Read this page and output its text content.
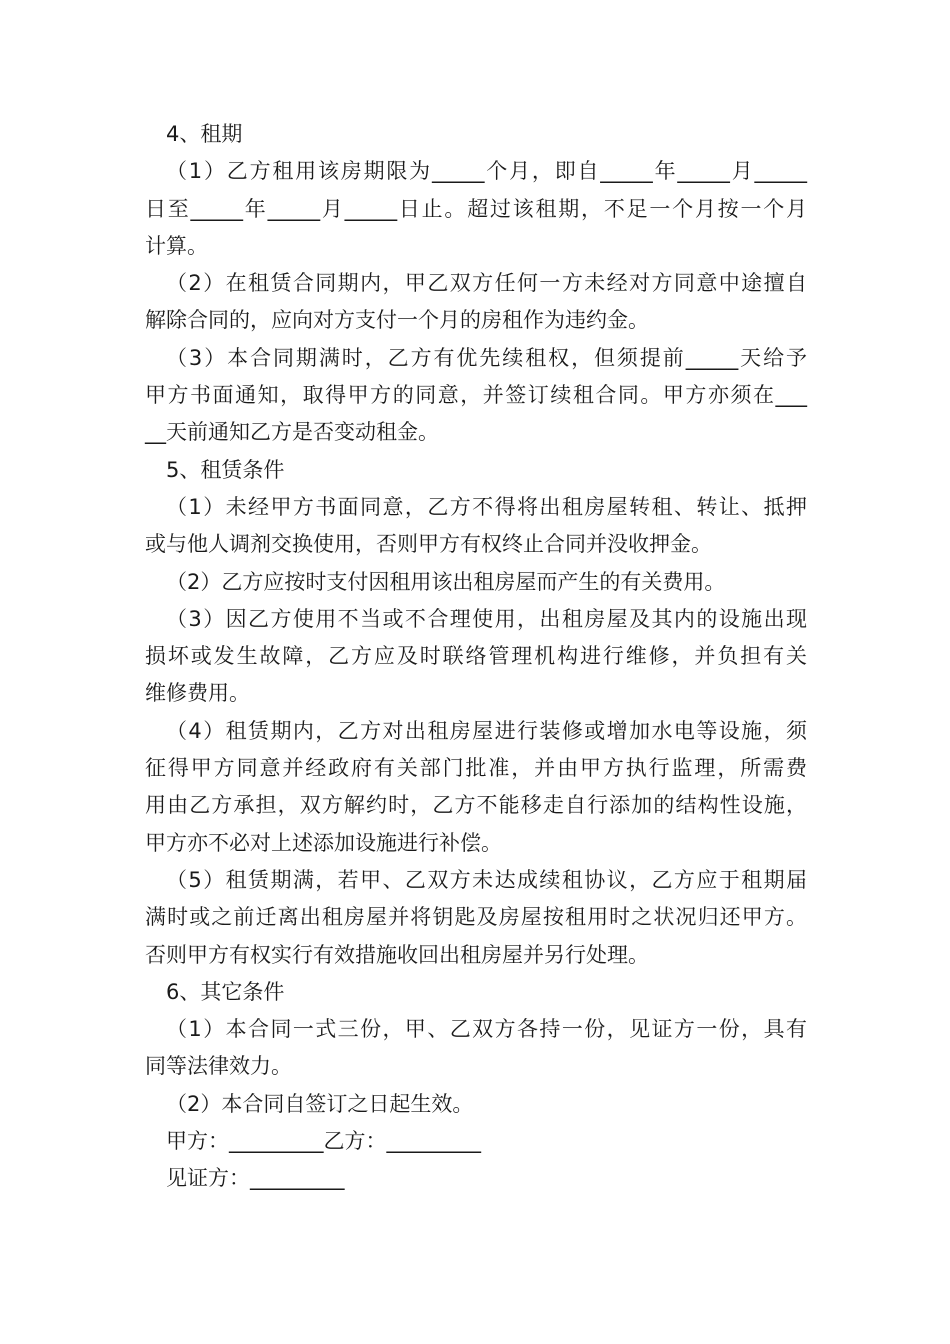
4、租期
（1）乙方租用该房期限为_____个月，即自_____年_____月_____
日至_____年_____月_____日止。超过该租期，不足一个月按一个月
计算。
（2）在租赁合同期内，甲乙双方任何一方未经对方同意中途擅自
解除合同的，应向对方支付一个月的房租作为违约金。
（3）本合同期满时，乙方有优先续租权，但须提前_____天给予
甲方书面通知，取得甲方的同意，并签订续租合同。甲方亦须在___
__天前通知乙方是否变动租金。
5、租赁条件
（1）未经甲方书面同意，乙方不得将出租房屋转租、转让、抵押
或与他人调剂交换使用，否则甲方有权终止合同并没收押金。
（2）乙方应按时支付因租用该出租房屋而产生的有关费用。
（3）因乙方使用不当或不合理使用，出租房屋及其内的设施出现
损坏或发生故障，乙方应及时联络管理机构进行维修，并负担有关
维修费用。
（4）租赁期内，乙方对出租房屋进行装修或增加水电等设施，须
征得甲方同意并经政府有关部门批准，并由甲方执行监理，所需费
用由乙方承担，双方解约时，乙方不能移走自行添加的结构性设施，
甲方亦不必对上述添加设施进行补偿。
（5）租赁期满，若甲、乙双方未达成续租协议，乙方应于租期届
满时或之前迁离出租房屋并将钥匙及房屋按租用时之状况归还甲方。
否则甲方有权实行有效措施收回出租房屋并另行处理。
6、其它条件
（1）本合同一式三份，甲、乙双方各持一份，见证方一份，具有
同等法律效力。
（2）本合同自签订之日起生效。
甲方：_________乙方：_________
见证方：_________
